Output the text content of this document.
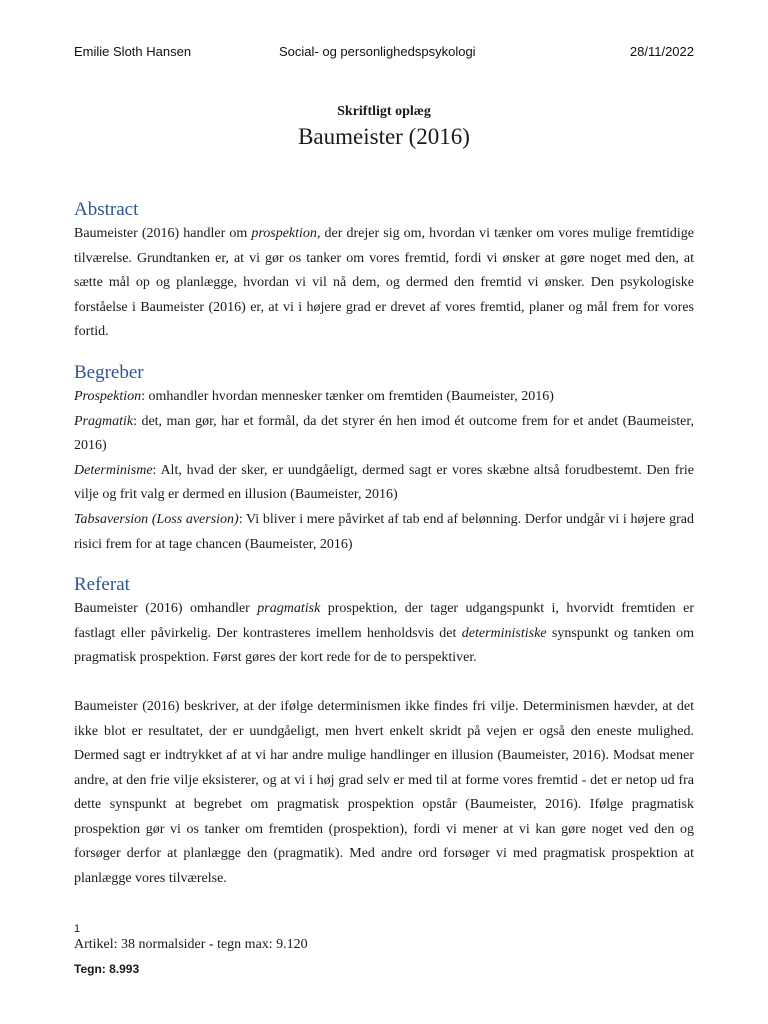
Emilie Sloth Hansen	Social- og personlighedspsykologi	28/11/2022
Skriftligt oplæg
Baumeister (2016)
Abstract

Baumeister (2016) handler om prospektion, der drejer sig om, hvordan vi tænker om vores mulige fremtidige tilværelse. Grundtanken er, at vi gør os tanker om vores fremtid, fordi vi ønsker at gøre noget med den, at sætte mål op og planlægge, hvordan vi vil nå dem, og dermed den fremtid vi ønsker. Den psykologiske forståelse i Baumeister (2016) er, at vi i højere grad er drevet af vores fremtid, planer og mål frem for vores fortid.

Begreber

Prospektion: omhandler hvordan mennesker tænker om fremtiden (Baumeister, 2016)

Pragmatik: det, man gør, har et formål, da det styrer én hen imod ét outcome frem for et andet (Baumeister, 2016)

Determinisme: Alt, hvad der sker, er uundgåeligt, dermed sagt er vores skæbne altså forudbestemt. Den frie vilje og frit valg er dermed en illusion (Baumeister, 2016)

Tabsaversion (Loss aversion): Vi bliver i mere påvirket af tab end af belønning. Derfor undgår vi i højere grad risici frem for at tage chancen (Baumeister, 2016)

Referat

Baumeister (2016) omhandler pragmatisk prospektion, der tager udgangspunkt i, hvorvidt fremtiden er fastlagt eller påvirkelig. Der kontrasteres imellem henholdsvis det deterministiske synspunkt og tanken om pragmatisk prospektion. Først gøres der kort rede for de to perspektiver.

Baumeister (2016) beskriver, at der ifølge determinismen ikke findes fri vilje. Determinismen hævder, at det ikke blot er resultatet, der er uundgåeligt, men hvert enkelt skridt på vejen er også den eneste mulighed. Dermed sagt er indtrykket af at vi har andre mulige handlinger en illusion (Baumeister, 2016). Modsat mener andre, at den frie vilje eksisterer, og at vi i høj grad selv er med til at forme vores fremtid - det er netop ud fra dette synspunkt at begrebet om pragmatisk prospektion opstår (Baumeister, 2016). Ifølge pragmatisk prospektion gør vi os tanker om fremtiden (prospektion), fordi vi mener at vi kan gøre noget ved den og forsøger derfor at planlægge den (pragmatik). Med andre ord forsøger vi med pragmatisk prospektion at planlægge vores tilværelse.

1
Artikel: 38 normalsider - tegn max: 9.120
Tegn: 8.993
